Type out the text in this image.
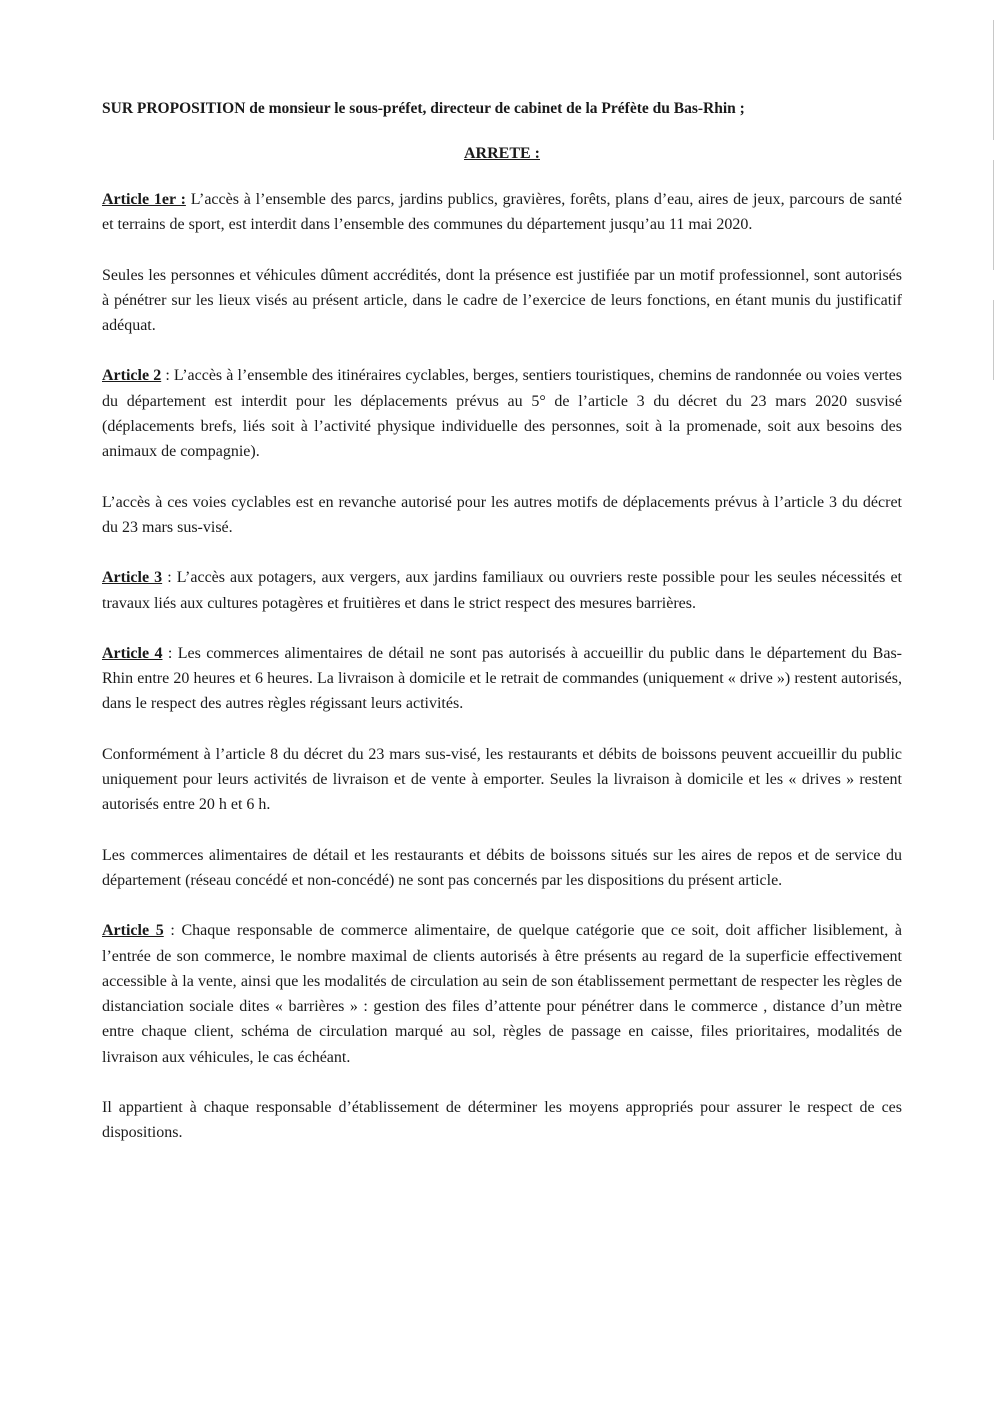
SUR PROPOSITION de monsieur le sous-préfet, directeur de cabinet de la Préfète du Bas-Rhin ;

ARRETE :

Article 1er : L’accès à l’ensemble des parcs, jardins publics, gravières, forêts, plans d’eau, aires de jeux, parcours de santé et terrains de sport, est interdit dans l’ensemble des communes du département jusqu’au 11 mai 2020.

Seules les personnes et véhicules dûment accrédités, dont la présence est justifiée par un motif professionnel, sont autorisés à pénétrer sur les lieux visés au présent article, dans le cadre de l’exercice de leurs fonctions, en étant munis du justificatif adéquat.

Article 2 : L’accès à l’ensemble des itinéraires cyclables, berges, sentiers touristiques, chemins de randonnée ou voies vertes du département est interdit pour les déplacements prévus au 5° de l’article 3 du décret du 23 mars 2020 susvisé (déplacements brefs, liés soit à l’activité physique individuelle des personnes, soit à la promenade, soit aux besoins des animaux de compagnie).

L’accès à ces voies cyclables est en revanche autorisé pour les autres motifs de déplacements prévus à l’article 3 du décret du 23 mars sus-visé.

Article 3 : L’accès aux potagers, aux vergers, aux jardins familiaux ou ouvriers reste possible pour les seules nécessités et travaux liés aux cultures potagères et fruitières et dans le strict respect des mesures barrières.

Article 4 : Les commerces alimentaires de détail ne sont pas autorisés à accueillir du public dans le département du Bas-Rhin entre 20 heures et 6 heures. La livraison à domicile et le retrait de commandes (uniquement « drive ») restent autorisés, dans le respect des autres règles régissant leurs activités.

Conformément à l’article 8 du décret du 23 mars sus-visé, les restaurants et débits de boissons peuvent accueillir du public uniquement pour leurs activités de livraison et de vente à emporter. Seules la livraison à domicile et les « drives » restent autorisés entre 20 h et 6 h.

Les commerces alimentaires de détail et les restaurants et débits de boissons situés sur les aires de repos et de service du département (réseau concédé et non-concédé) ne sont pas concernés par les dispositions du présent article.

Article 5 : Chaque responsable de commerce alimentaire, de quelque catégorie que ce soit, doit afficher lisiblement, à l’entrée de son commerce, le nombre maximal de clients autorisés à être présents au regard de la superficie effectivement accessible à la vente, ainsi que les modalités de circulation au sein de son établissement permettant de respecter les règles de distanciation sociale dites « barrières » : gestion des files d’attente pour pénétrer dans le commerce , distance d’un mètre entre chaque client, schéma de circulation marqué au sol, règles de passage en caisse, files prioritaires, modalités de livraison aux véhicules, le cas échéant.

Il appartient à chaque responsable d’établissement de déterminer les moyens appropriés pour assurer le respect de ces dispositions.
